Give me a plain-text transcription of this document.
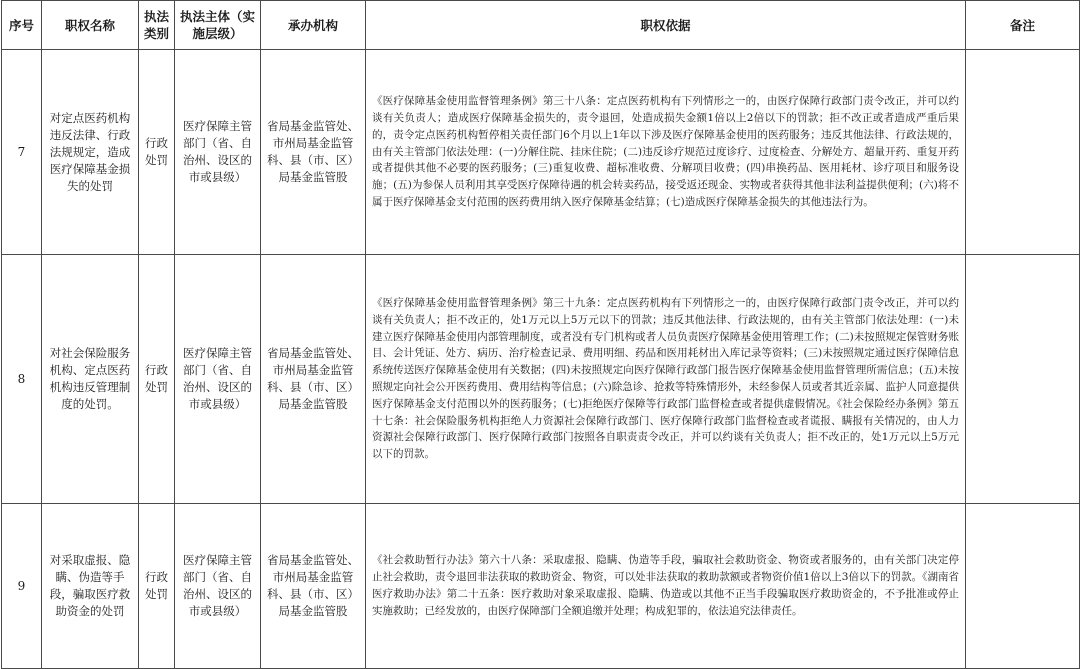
序号	职权名称	执法类别	执法主体（实施层级）	承办机构	职权依据	备注
7	对定点医药机构违反法律、行政法规规定，造成医疗保障基金损失的处罚	行政处罚	医疗保障主管部门（省、自治州、设区的市或县级）	省局基金监管处、市州局基金监管科、县（市、区）局基金监管股	《医疗保障基金使用监督管理条例》第三十八条：定点医药机构有下列情形之一的，由医疗保障行政部门责令改正，并可以约谈有关负责人；造成医疗保障基金损失的，责令退回，处造成损失金额1倍以上2倍以下的罚款；拒不改正或者造成严重后果的，责令定点医药机构暂停相关责任部门6个月以上1年以下涉及医疗保障基金使用的医药服务；违反其他法律、行政法规的，由有关主管部门依法处理：(一)分解住院、挂床住院；(二)违反诊疗规范过度诊疗、过度检查、分解处方、超量开药、重复开药或者提供其他不必要的医药服务；(三)重复收费、超标准收费、分解项目收费；(四)串换药品、医用耗材、诊疗项目和服务设施；(五)为参保人员利用其享受医疗保障待遇的机会转卖药品，接受返还现金、实物或者获得其他非法利益提供便利；(六)将不属于医疗保障基金支付范围的医药费用纳入医疗保障基金结算；(七)造成医疗保障基金损失的其他违法行为。	
8	对社会保险服务机构、定点医药机构违反管理制度的处罚。	行政处罚	医疗保障主管部门（省、自治州、设区的市或县级）	省局基金监管处、市州局基金监管科、县（市、区）局基金监管股	《医疗保障基金使用监督管理条例》第三十九条：定点医药机构有下列情形之一的，由医疗保障行政部门责令改正，并可以约谈有关负责人；拒不改正的，处1万元以上5万元以下的罚款；违反其他法律、行政法规的，由有关主管部门依法处理：(一)未建立医疗保障基金使用内部管理制度，或者没有专门机构或者人员负责医疗保障基金使用管理工作；(二)未按照规定保管财务账目、会计凭证、处方、病历、治疗检查记录、费用明细、药品和医用耗材出入库记录等资料；(三)未按照规定通过医疗保障信息系统传送医疗保障基金使用有关数据；(四)未按照规定向医疗保障行政部门报告医疗保障基金使用监督管理所需信息；(五)未按照规定向社会公开医药费用、费用结构等信息；(六)除急诊、抢救等特殊情形外，未经参保人员或者其近亲属、监护人同意提供医疗保障基金支付范围以外的医药服务；(七)拒绝医疗保障等行政部门监督检查或者提供虚假情况。《社会保险经办条例》第五十七条：社会保险服务机构拒绝人力资源社会保障行政部门、医疗保障行政部门监督检查或者谎报、瞒报有关情况的，由人力资源社会保障行政部门、医疗保障行政部门按照各自职责责令改正，并可以约谈有关负责人；拒不改正的，处1万元以上5万元以下的罚款。	
9	对采取虚报、隐瞒、伪造等手段，骗取医疗救助资金的处罚	行政处罚	医疗保障主管部门（省、自治州、设区的市或县级）	省局基金监管处、市州局基金监管科、县（市、区）局基金监管股	《社会救助暂行办法》第六十八条：采取虚报、隐瞒、伪造等手段，骗取社会救助资金、物资或者服务的，由有关部门决定停止社会救助，责令退回非法获取的救助资金、物资，可以处非法获取的救助款额或者物资价值1倍以上3倍以下的罚款。《湖南省医疗救助办法》第二十五条：医疗救助对象采取虚报、隐瞒、伪造或以其他不正当手段骗取医疗救助资金的，不予批准或停止实施救助；已经发放的，由医疗保障部门全额追缴并处理；构成犯罪的，依法追究法律责任。	
